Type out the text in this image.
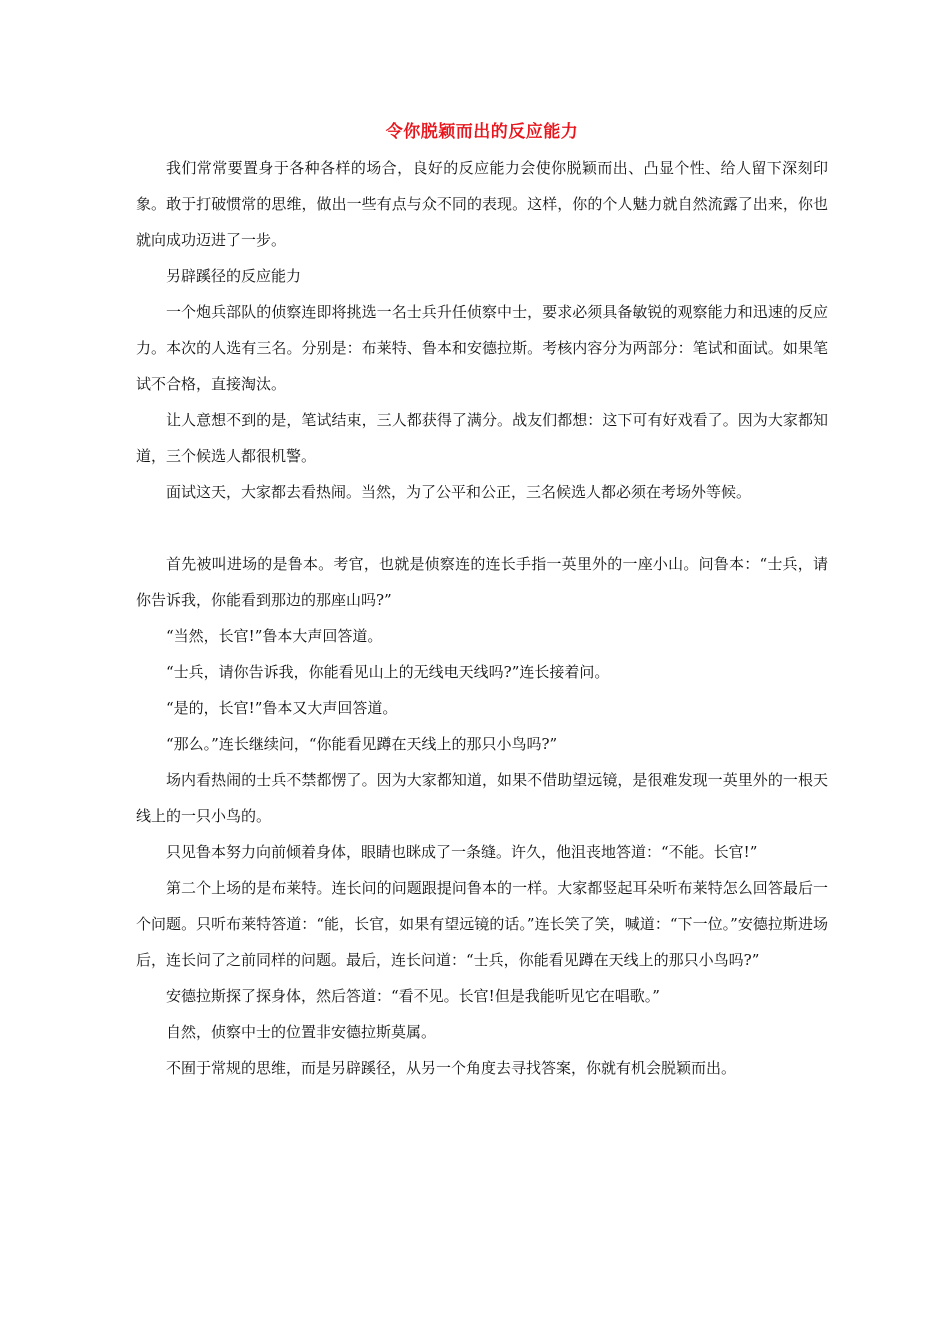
令你脱颖而出的反应能力

我们常常要置身于各种各样的场合，良好的反应能力会使你脱颖而出、凸显个性、给人留下深刻印象。敢于打破惯常的思维，做出一些有点与众不同的表现。这样，你的个人魅力就自然流露了出来，你也就向成功迈进了一步。

另辟蹊径的反应能力

一个炮兵部队的侦察连即将挑选一名士兵升任侦察中士，要求必须具备敏锐的观察能力和迅速的反应力。本次的人选有三名。分别是：布莱特、鲁本和安德拉斯。考核内容分为两部分：笔试和面试。如果笔试不合格，直接淘汰。

让人意想不到的是，笔试结束，三人都获得了满分。战友们都想：这下可有好戏看了。因为大家都知道，三个候选人都很机警。

面试这天，大家都去看热闹。当然，为了公平和公正，三名候选人都必须在考场外等候。

首先被叫进场的是鲁本。考官，也就是侦察连的连长手指一英里外的一座小山。问鲁本：“士兵，请你告诉我，你能看到那边的那座山吗?”

“当然，长官!”鲁本大声回答道。

“士兵，请你告诉我，你能看见山上的无线电天线吗?”连长接着问。

“是的，长官!”鲁本又大声回答道。

“那么。”连长继续问，“你能看见蹲在天线上的那只小鸟吗?”

场内看热闹的士兵不禁都愣了。因为大家都知道，如果不借助望远镜，是很难发现一英里外的一根天线上的一只小鸟的。

只见鲁本努力向前倾着身体，眼睛也眯成了一条缝。许久，他沮丧地答道：“不能。长官!”

第二个上场的是布莱特。连长问的问题跟提问鲁本的一样。大家都竖起耳朵听布莱特怎么回答最后一个问题。只听布莱特答道：“能，长官，如果有望远镜的话。”连长笑了笑，喊道：“下一位。”安德拉斯进场后，连长问了之前同样的问题。最后，连长问道：“士兵，你能看见蹲在天线上的那只小鸟吗?”

安德拉斯探了探身体，然后答道：“看不见。长官!但是我能听见它在唱歌。”

自然，侦察中士的位置非安德拉斯莫属。

不囿于常规的思维，而是另辟蹊径，从另一个角度去寻找答案，你就有机会脱颖而出。
